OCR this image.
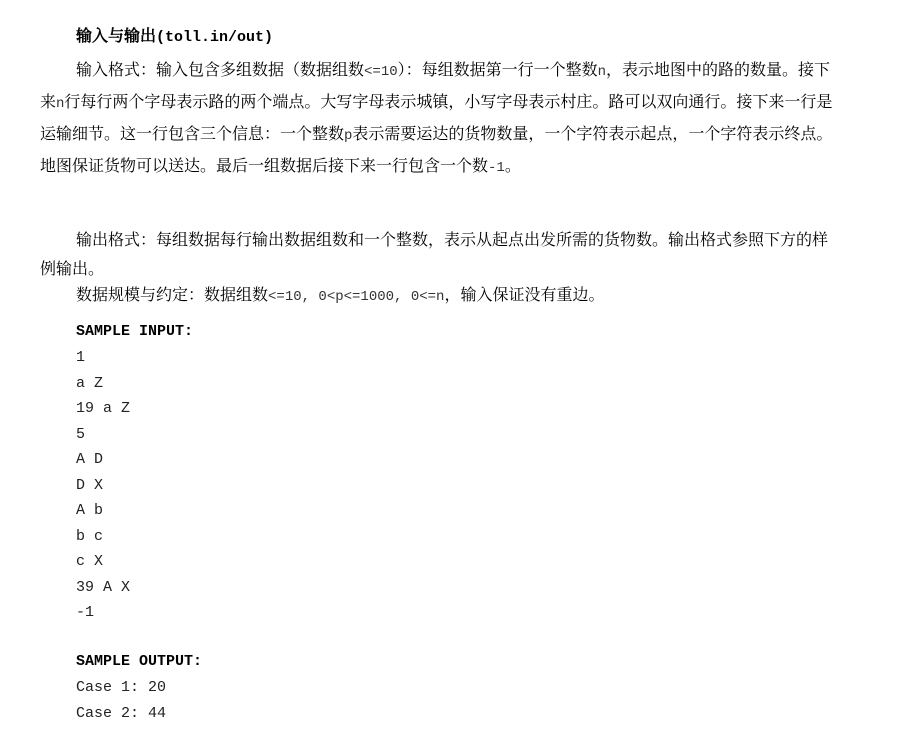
输入与输出(toll.in/out)

输入格式：输入包含多组数据（数据组数<=10）：每组数据第一行一个整数n，表示地图中的路的数量。接下来n行每行两个字母表示路的两个端点。大写字母表示城镇，小写字母表示村庄。路可以双向通行。接下来一行是运输细节。这一行包含三个信息：一个整数p表示需要运达的货物数量，一个字符表示起点，一个字符表示终点。地图保证货物可以送达。最后一组数据后接下来一行包含一个数-1。

输出格式：每组数据每行输出数据组数和一个整数，表示从起点出发所需的货物数。输出格式参照下方的样例输出。

数据规模与约定：数据组数<=10, 0<p<=1000, 0<=n，输入保证没有重边。

SAMPLE INPUT:
1
a Z
19 a Z
5
A D
D X
A b
b c
c X
39 A X
-1
SAMPLE OUTPUT:
Case 1: 20
Case 2: 44
